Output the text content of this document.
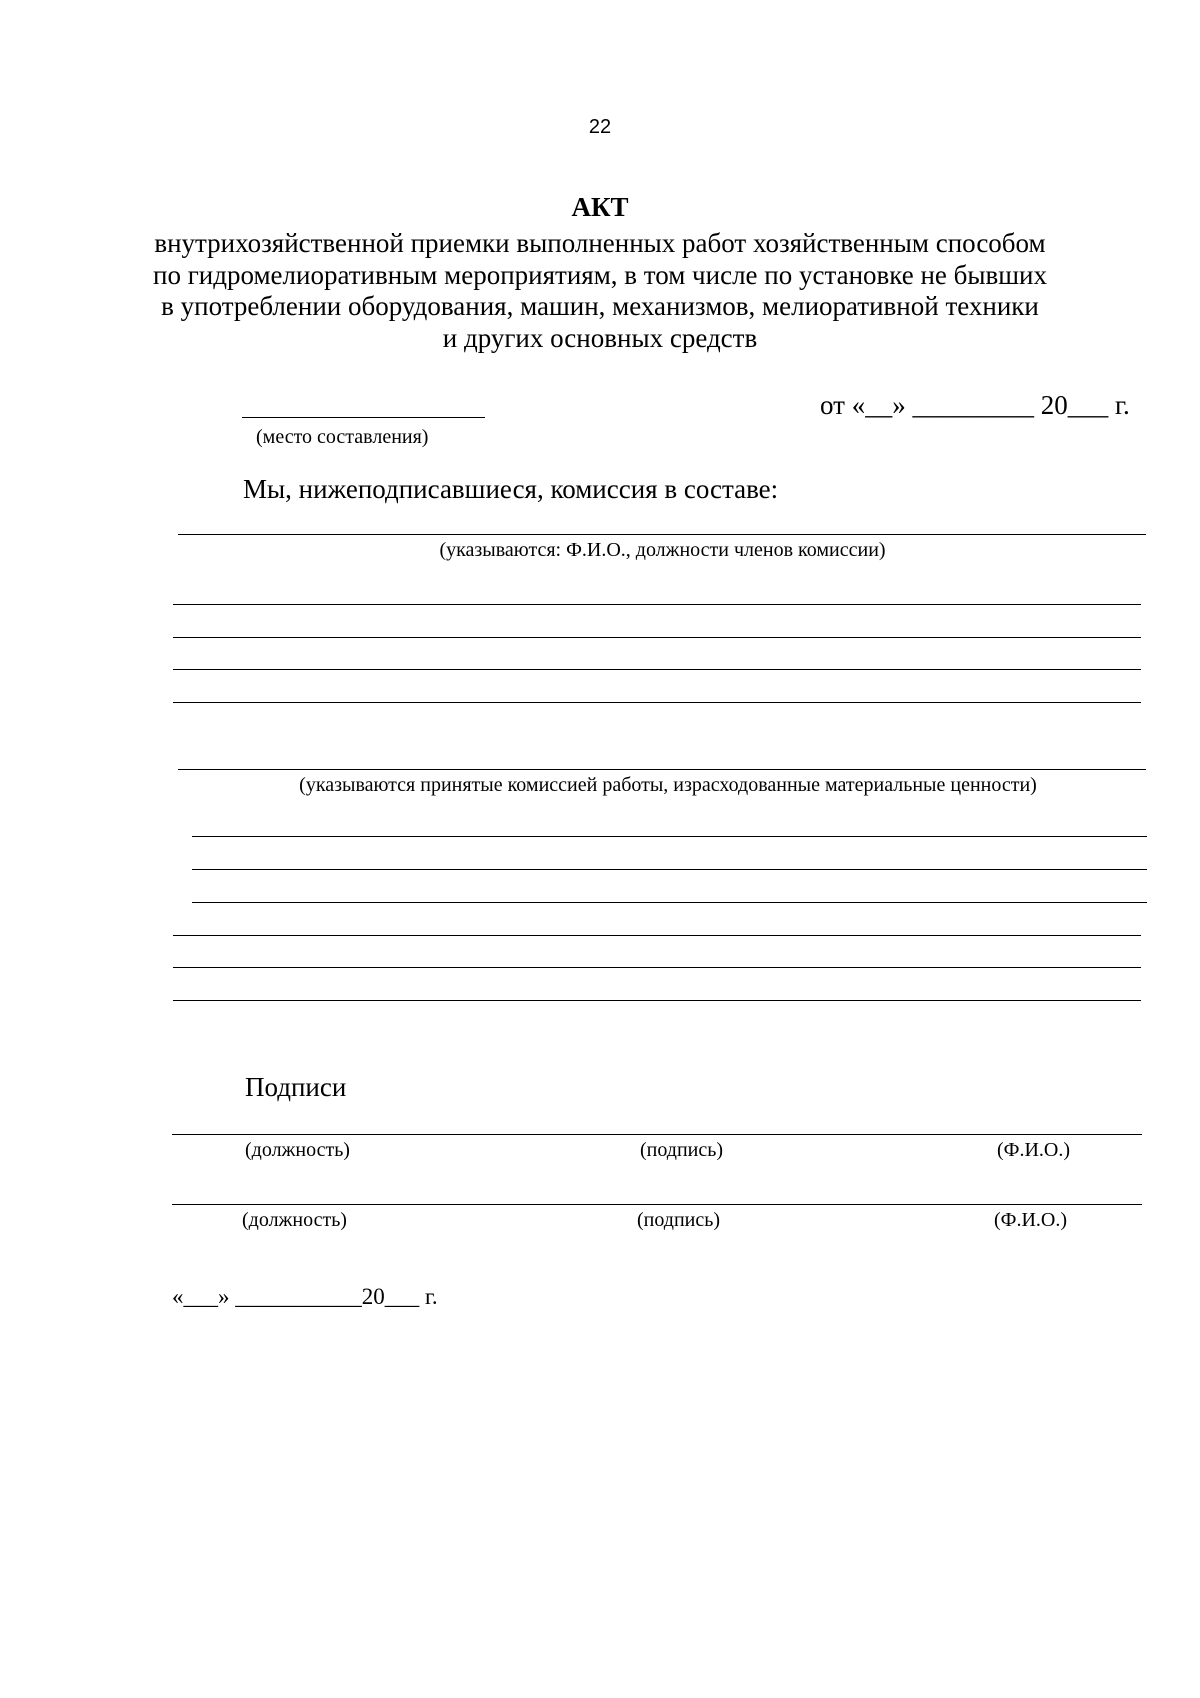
22
АКТ
внутрихозяйственной приемки выполненных работ хозяйственным способом
по гидромелиоративным мероприятиям, в том числе по установке не бывших
в употреблении оборудования, машин, механизмов, мелиоративной техники
и других основных средств
(место составления)
от «__» _________ 20___ г.
Мы, нижеподписавшиеся, комиссия в составе:
(указываются: Ф.И.О., должности членов комиссии)
(указываются принятые комиссией работы, израсходованные материальные ценности)
Подписи
(должность)	(подпись)	(Ф.И.О.)
(должность)	(подпись)	(Ф.И.О.)
«___» ___________20___ г.
